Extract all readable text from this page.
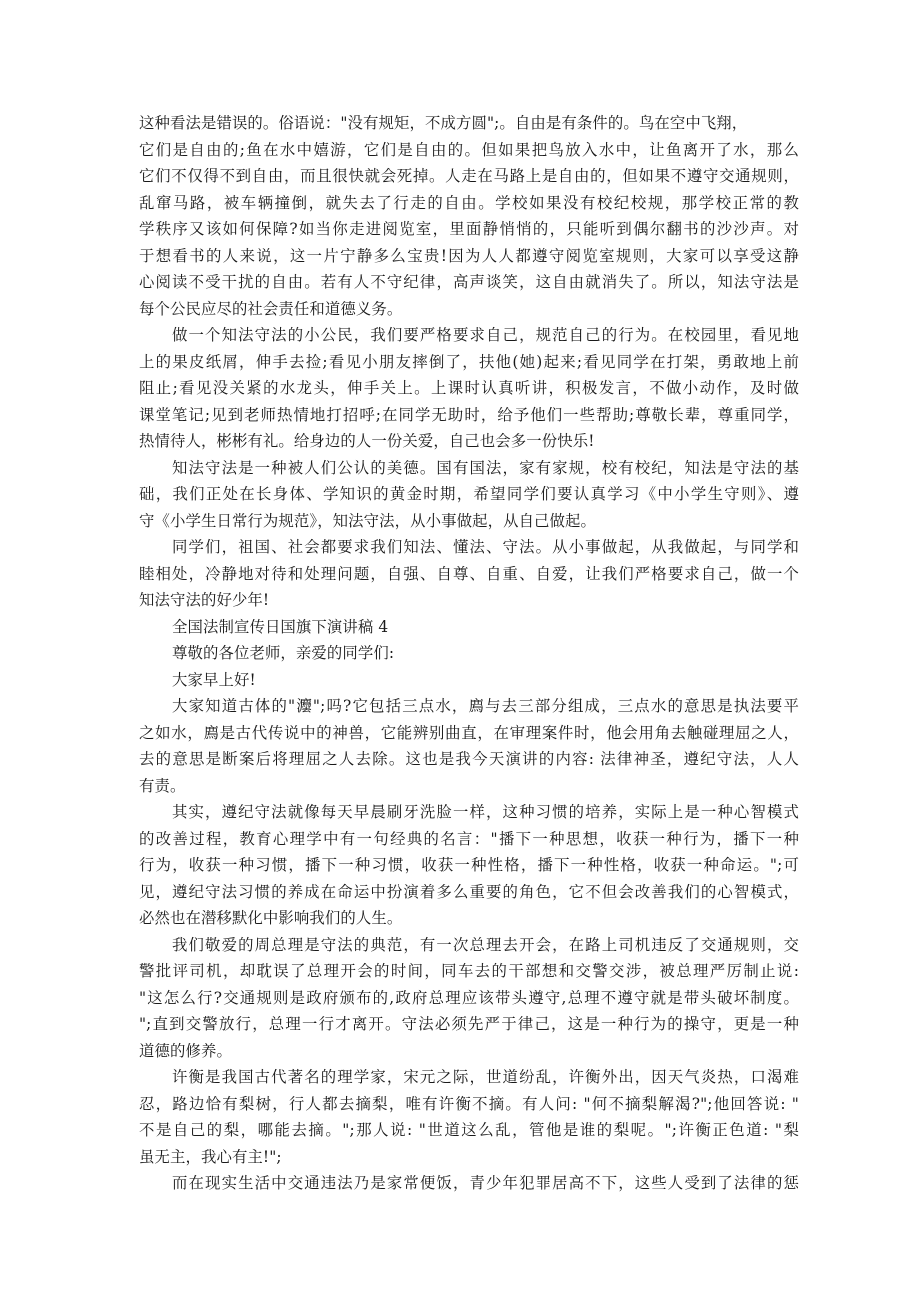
这种看法是错误的。俗语说："没有规矩，不成方圆";。自由是有条件的。鸟在空中飞翔，
它们是自由的;鱼在水中嬉游，它们是自由的。但如果把鸟放入水中，让鱼离开了水，那么
它们不仅得不到自由，而且很快就会死掉。人走在马路上是自由的，但如果不遵守交通规则，
乱窜马路，被车辆撞倒，就失去了行走的自由。学校如果没有校纪校规，那学校正常的教
学秩序又该如何保障?如当你走进阅览室，里面静悄悄的，只能听到偶尔翻书的沙沙声。对
于想看书的人来说，这一片宁静多么宝贵!因为人人都遵守阅览室规则，大家可以享受这静
心阅读不受干扰的自由。若有人不守纪律，高声谈笑，这自由就消失了。所以，知法守法是
每个公民应尽的社会责任和道德义务。
做一个知法守法的小公民，我们要严格要求自己，规范自己的行为。在校园里，看见地
上的果皮纸屑，伸手去捡;看见小朋友摔倒了，扶他(她)起来;看见同学在打架，勇敢地上前
阻止;看见没关紧的水龙头，伸手关上。上课时认真听讲，积极发言，不做小动作，及时做
课堂笔记;见到老师热情地打招呼;在同学无助时，给予他们一些帮助;尊敬长辈，尊重同学，
热情待人，彬彬有礼。给身边的人一份关爱，自己也会多一份快乐!
知法守法是一种被人们公认的美德。国有国法，家有家规，校有校纪，知法是守法的基
础，我们正处在长身体、学知识的黄金时期，希望同学们要认真学习《中小学生守则》、遵
守《小学生日常行为规范》，知法守法，从小事做起，从自己做起。
同学们，祖国、社会都要求我们知法、懂法、守法。从小事做起，从我做起，与同学和
睦相处，冷静地对待和处理问题，自强、自尊、自重、自爱，让我们严格要求自己，做一个
知法守法的好少年!
全国法制宣传日国旗下演讲稿 4
尊敬的各位老师，亲爱的同学们:
大家早上好!
大家知道古体的"灋";吗?它包括三点水，廌与去三部分组成，三点水的意思是执法要平
之如水，廌是古代传说中的神兽，它能辨别曲直，在审理案件时，他会用角去触碰理屈之人，
去的意思是断案后将理屈之人去除。这也是我今天演讲的内容: 法律神圣，遵纪守法，人人
有责。
其实，遵纪守法就像每天早晨刷牙洗脸一样，这种习惯的培养，实际上是一种心智模式
的改善过程，教育心理学中有一句经典的名言："播下一种思想，收获一种行为，播下一种
行为，收获一种习惯，播下一种习惯，收获一种性格，播下一种性格，收获一种命运。";可
见，遵纪守法习惯的养成在命运中扮演着多么重要的角色，它不但会改善我们的心智模式，
必然也在潜移默化中影响我们的人生。
我们敬爱的周总理是守法的典范，有一次总理去开会，在路上司机违反了交通规则，交
警批评司机，却耽误了总理开会的时间，同车去的干部想和交警交涉，被总理严厉制止说:
"这怎么行?交通规则是政府颁布的,政府总理应该带头遵守,总理不遵守就是带头破坏制度。
";直到交警放行，总理一行才离开。守法必须先严于律己，这是一种行为的操守，更是一种
道德的修养。
许衡是我国古代著名的理学家，宋元之际，世道纷乱，许衡外出，因天气炎热，口渴难
忍，路边恰有梨树，行人都去摘梨，唯有许衡不摘。有人问: "何不摘梨解渴?";他回答说: "
不是自己的梨，哪能去摘。";那人说: "世道这么乱，管他是谁的梨呢。";许衡正色道: "梨
虽无主，我心有主!";
而在现实生活中交通违法乃是家常便饭，青少年犯罪居高不下，这些人受到了法律的惩
